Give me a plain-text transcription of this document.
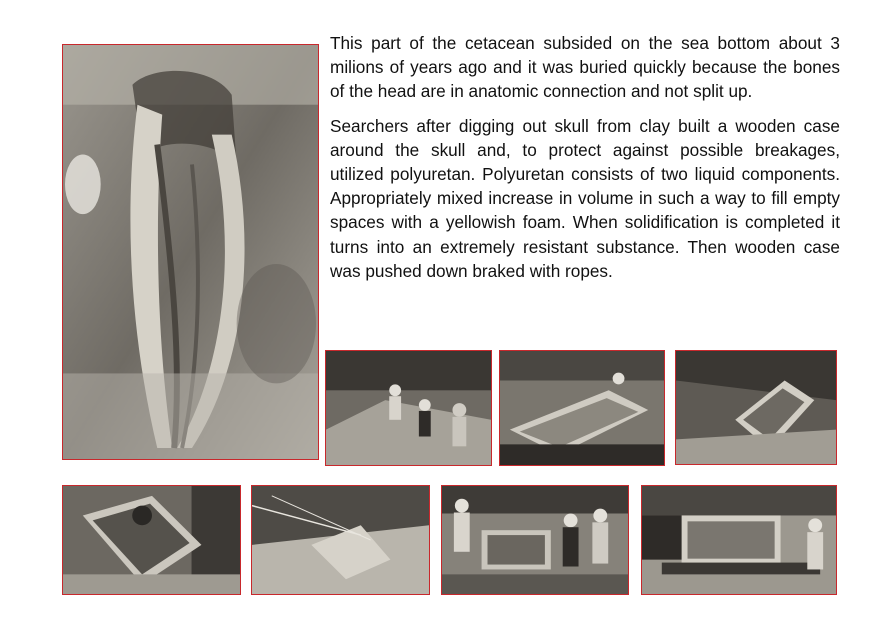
This part of the cetacean subsided on the sea bottom about 3 milions of years ago and it was buried quickly because the bones of the head are in anatomic connection and not split up.

Searchers after digging out skull from clay built a wooden case around the skull and, to protect against possible breakages, utilized polyuretan. Polyuretan consists of two liquid components. Appropriately mixed increase in volume in such a way to fill empty spaces with a yellowish foam. When solidification is completed it turns into an extremely resistant substance. Then wooden case was pushed down braked with ropes.
